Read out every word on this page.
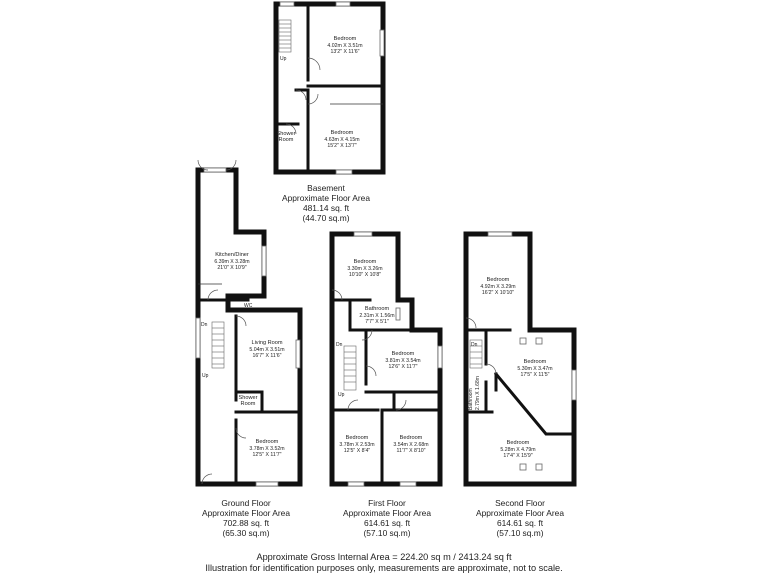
Bedroom
4.02m X 3.51m
13'2" X 11'6"
Bedroom
4.63m X 4.15m
15'2" X 13'7"
Shower
Room
Up
Basement
Approximate Floor Area
481.14 sq. ft
(44.70 sq.m)
Kitchen/Diner
6.39m X 3.28m
21'0" X 10'9"
Living Room
5.04m X 3.51m
16'7" X 11'6"
Shower
Room
Bedroom
3.78m X 3.52m
12'5" X 11'7"
WC
Dn
Up
Ground Floor
Approximate Floor Area
702.88 sq. ft
(65.30 sq.m)
Bedroom
3.30m X 3.26m
10'10" X 10'8"
Bathroom
2.31m X 1.56m
7'7" X 5'1"
Bedroom
3.81m X 3.54m
12'6" X 11'7"
Bedroom
3.78m X 2.53m
12'5" X 8'4"
Bedroom
3.54m X 2.68m
11'7" X 8'10"
Dn
Up
First Floor
Approximate Floor Area
614.61 sq. ft
(57.10 sq.m)
Bedroom
4.92m X 3.29m
16'2" X 10'10"
Bedroom
5.30m X 3.47m
17'5" X 11'5"
Bedroom
5.28m X 4.79m
17'4" X 15'9"
Bathroom 2.79m X 1.68m
Dn
Second Floor
Approximate Floor Area
614.61 sq. ft
(57.10 sq.m)
Approximate Gross Internal Area = 224.20 sq m / 2413.24 sq ft
Illustration for identification purposes only, measurements are approximate, not to scale.
